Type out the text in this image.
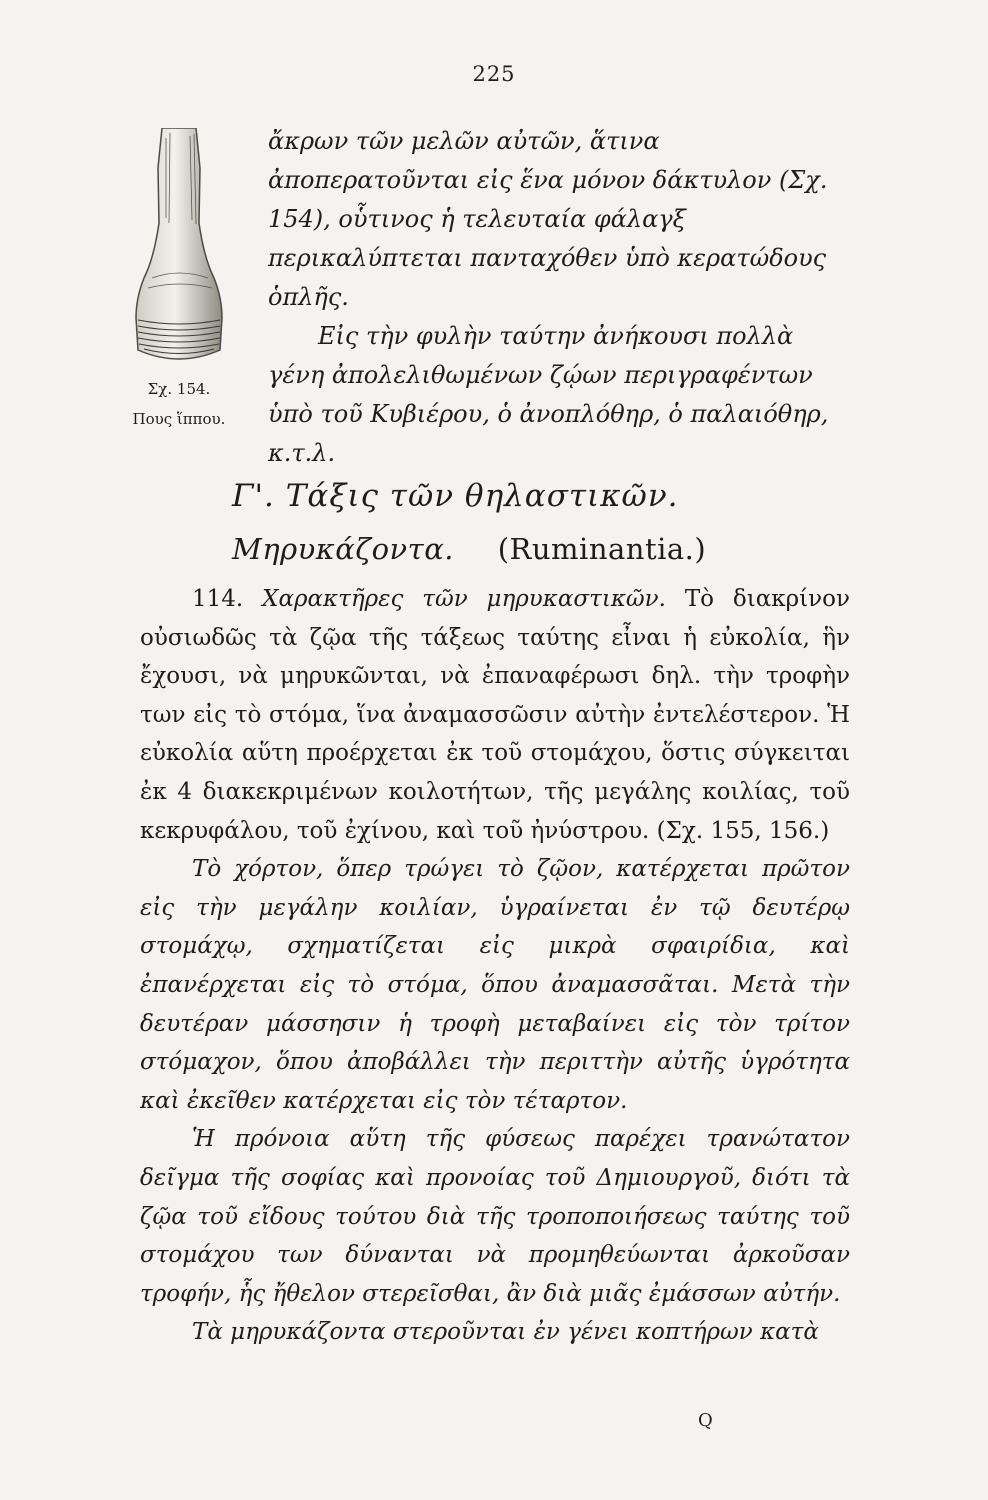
225
Σχ. 154.
Πους ἵππου.

ἄκρων τῶν μελῶν αὐτῶν, ἅτινα ἀποπερατοῦνται εἰς ἕνα μόνον δάκτυλον (Σχ. 154), οὗτινος ἡ τελευταία φάλαγξ περικαλύπτεται πανταχόθεν ὑπὸ κερατώδους ὁπλῆς.

Εἰς τὴν φυλὴν ταύτην ἀνήκουσι πολλὰ γένη ἀπολελιθωμένων ζῴων περιγραφέντων ὑπὸ τοῦ Κυβιέρου, ὁ ἀνοπλόθηρ, ὁ παλαιόθηρ, κ.τ.λ.

Γ'. Τάξις τῶν θηλαστικῶν.
Μηρυκάζοντα. (Ruminantia.)

114. Χαρακτῆρες τῶν μηρυκαστικῶν. Τὸ διακρίνον οὐσιωδῶς τὰ ζῷα τῆς τάξεως ταύτης εἶναι ἡ εὐκολία, ἣν ἔχουσι, νὰ μηρυκῶνται, νὰ ἐπαναφέρωσι δηλ. τὴν τροφὴν των εἰς τὸ στόμα, ἵνα ἀναμασσῶσιν αὐτὴν ἐντελέστερον. Ἡ εὐκολία αὕτη προέρχεται ἐκ τοῦ στομάχου, ὅστις σύγκειται ἐκ 4 διακεκριμένων κοιλοτήτων, τῆς μεγάλης κοιλίας, τοῦ κεκρυφάλου, τοῦ ἐχίνου, καὶ τοῦ ἠνύστρου. (Σχ. 155, 156.)

Τὸ χόρτον, ὅπερ τρώγει τὸ ζῷον, κατέρχεται πρῶτον εἰς τὴν μεγάλην κοιλίαν, ὑγραίνεται ἐν τῷ δευτέρῳ στομάχῳ, σχηματίζεται εἰς μικρὰ σφαιρίδια, καὶ ἐπανέρχεται εἰς τὸ στόμα, ὅπου ἀναμασσᾶται. Μετὰ τὴν δευτέραν μάσσησιν ἡ τροφὴ μεταβαίνει εἰς τὸν τρίτον στόμαχον, ὅπου ἀποβάλλει τὴν περιττὴν αὐτῆς ὑγρότητα καὶ ἐκεῖθεν κατέρχεται εἰς τὸν τέταρτον.

Ἡ πρόνοια αὕτη τῆς φύσεως παρέχει τρανώτατον δεῖγμα τῆς σοφίας καὶ προνοίας τοῦ Δημιουργοῦ, διότι τὰ ζῷα τοῦ εἴδους τούτου διὰ τῆς τροποποιήσεως ταύτης τοῦ στομάχου των δύνανται νὰ προμηθεύωνται ἀρκοῦσαν τροφήν, ἧς ἤθελον στερεῖσθαι, ἂν διὰ μιᾶς ἐμάσσων αὐτήν.

Τὰ μηρυκάζοντα στεροῦνται ἐν γένει κοπτήρων κατὰ

Q
